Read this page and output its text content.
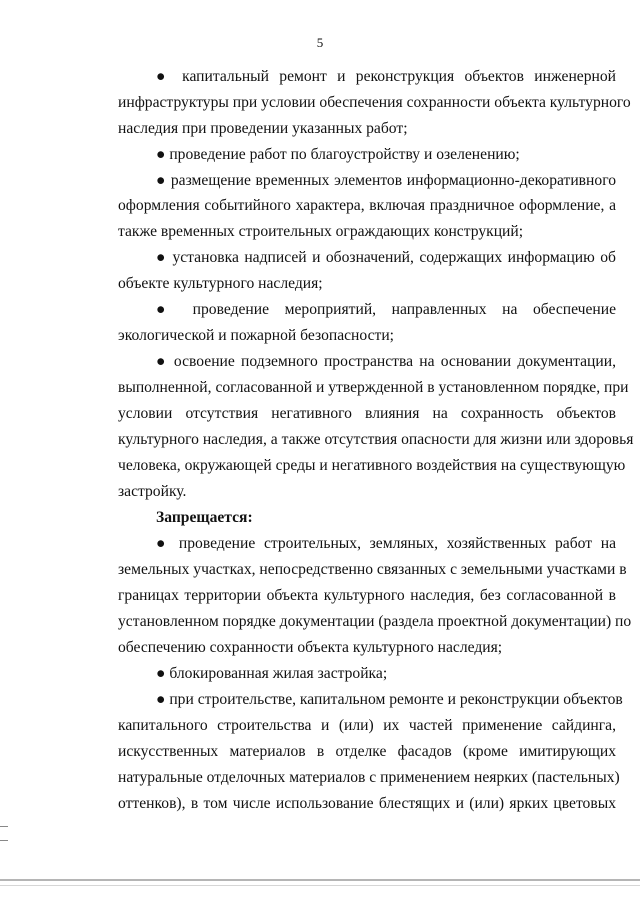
5
● капитальный ремонт и реконструкция объектов инженерной
инфраструктуры при условии обеспечения сохранности объекта культурного
наследия при проведении указанных работ;
● проведение работ по благоустройству и озеленению;
● размещение временных элементов информационно-декоративного
оформления событийного характера, включая праздничное оформление, а
также временных строительных ограждающих конструкций;
● установка надписей и обозначений, содержащих информацию об
объекте культурного наследия;
● проведение мероприятий, направленных на обеспечение
экологической и пожарной безопасности;
● освоение подземного пространства на основании документации,
выполненной, согласованной и утвержденной в установленном порядке, при
условии отсутствия негативного влияния на сохранность объектов
культурного наследия, а также отсутствия опасности для жизни или здоровья
человека, окружающей среды и негативного воздействия на существующую
застройку.
Запрещается:
● проведение строительных, земляных, хозяйственных работ на
земельных участках, непосредственно связанных с земельными участками в
границах территории объекта культурного наследия, без согласованной в
установленном порядке документации (раздела проектной документации) по
обеспечению сохранности объекта культурного наследия;
● блокированная жилая застройка;
● при строительстве, капитальном ремонте и реконструкции объектов
капитального строительства и (или) их частей применение сайдинга,
искусственных материалов в отделке фасадов (кроме имитирующих
натуральные отделочных материалов с применением неярких (пастельных)
оттенков), в том числе использование блестящих и (или) ярких цветовых
